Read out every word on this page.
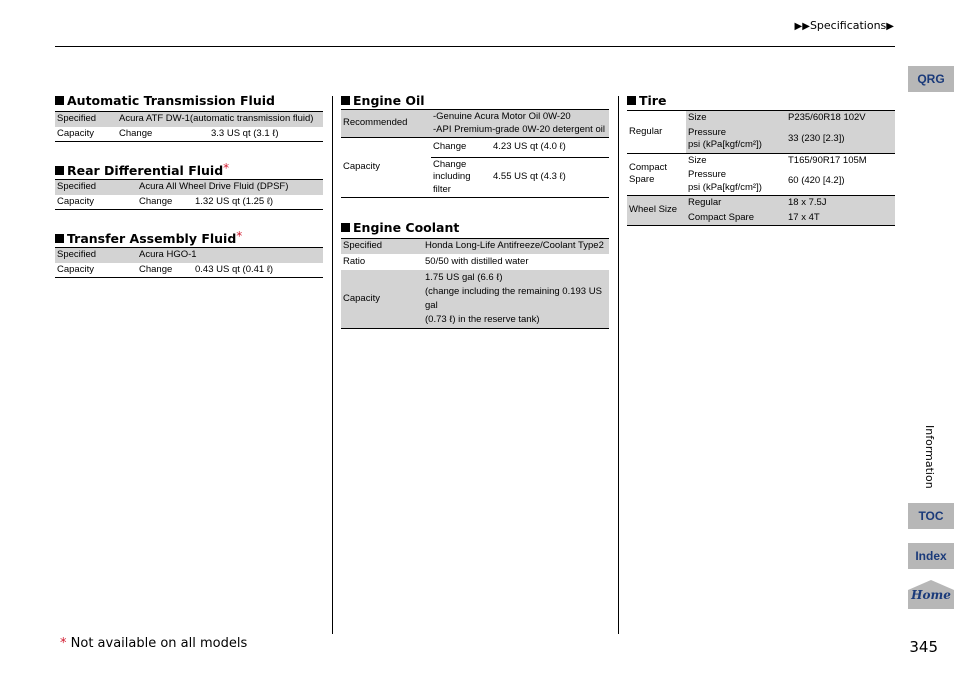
▶▶Specifications▶
Automatic Transmission Fluid
Specified	Acura ATF DW-1(automatic transmission fluid)	
Capacity	Change	3.3 US qt (3.1 ℓ)
Rear Differential Fluid*
Specified	Acura All Wheel Drive Fluid (DPSF)	
Capacity	Change	1.32 US qt (1.25 ℓ)
Transfer Assembly Fluid*
Specified	Acura HGO-1	
Capacity	Change	0.43 US qt (0.41 ℓ)
Engine Oil
Recommended	-Genuine Acura Motor Oil 0W-20
-API Premium-grade 0W-20 detergent oil	

Capacity	Change	4.23 US qt (4.0 ℓ)

	Change
including
filter	4.55 US qt (4.3 ℓ)
Engine Coolant
Specified	Honda Long-Life Antifreeze/Coolant Type2
Ratio	50/50 with distilled water
Capacity	1.75 US gal (6.6 ℓ)
(change including the remaining 0.193 US gal
(0.73 ℓ) in the reserve tank)
Tire
Regular	Size	P235/60R18 102V

	Pressure
psi (kPa[kgf/cm²])	33 (230 [2.3])

Compact
Spare	Size	T165/90R17 105M

	Pressure
psi (kPa[kgf/cm²])	60 (420 [4.2])
Wheel Size	Regular	18 x 7.5J
	Compact Spare	17 x 4T
* Not available on all models
QRG
Information
TOC
Index
Home
345
